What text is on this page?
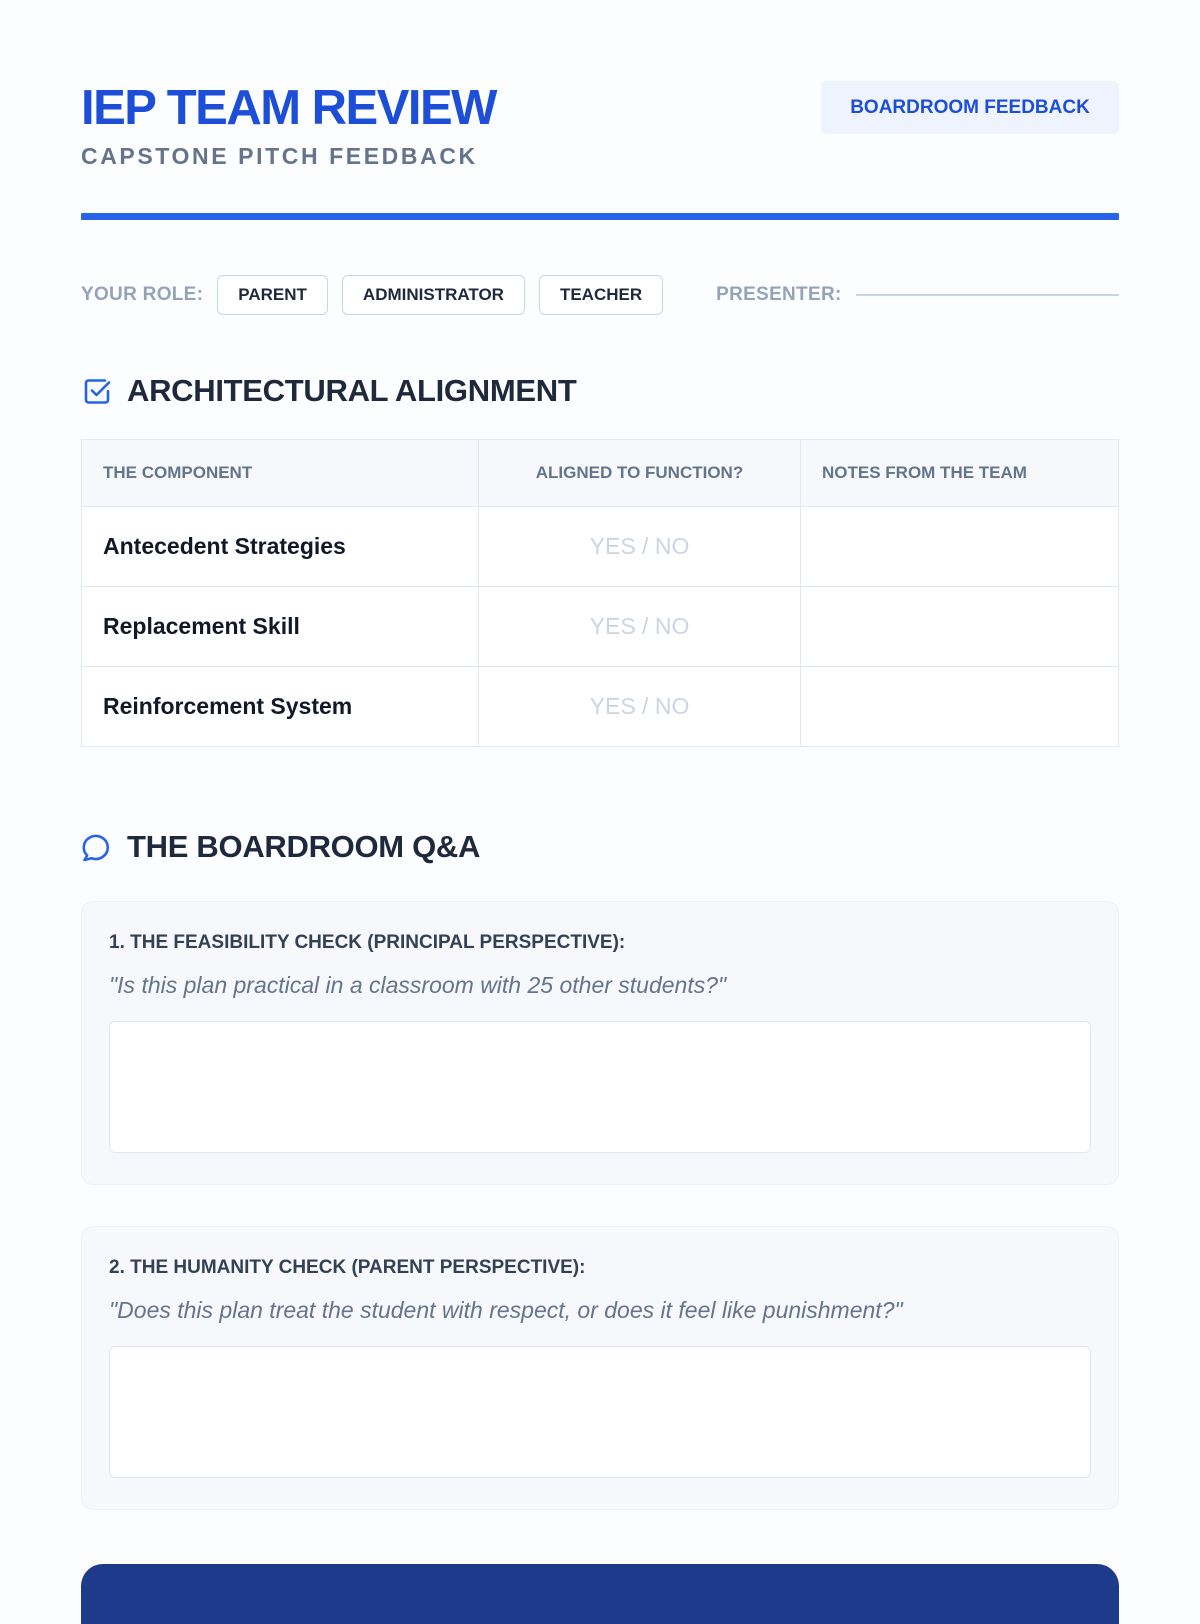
IEP TEAM REVIEW
CAPSTONE PITCH FEEDBACK
BOARDROOM FEEDBACK
YOUR ROLE:	PARENT	ADMINISTRATOR	TEACHER	PRESENTER:
ARCHITECTURAL ALIGNMENT
THE COMPONENT	ALIGNED TO FUNCTION?	NOTES FROM THE TEAM
Antecedent Strategies	YES / NO	
Replacement Skill	YES / NO	
Reinforcement System	YES / NO	
THE BOARDROOM Q&A
1. THE FEASIBILITY CHECK (PRINCIPAL PERSPECTIVE):
"Is this plan practical in a classroom with 25 other students?"
2. THE HUMANITY CHECK (PARENT PERSPECTIVE):
"Does this plan treat the student with respect, or does it feel like punishment?"
